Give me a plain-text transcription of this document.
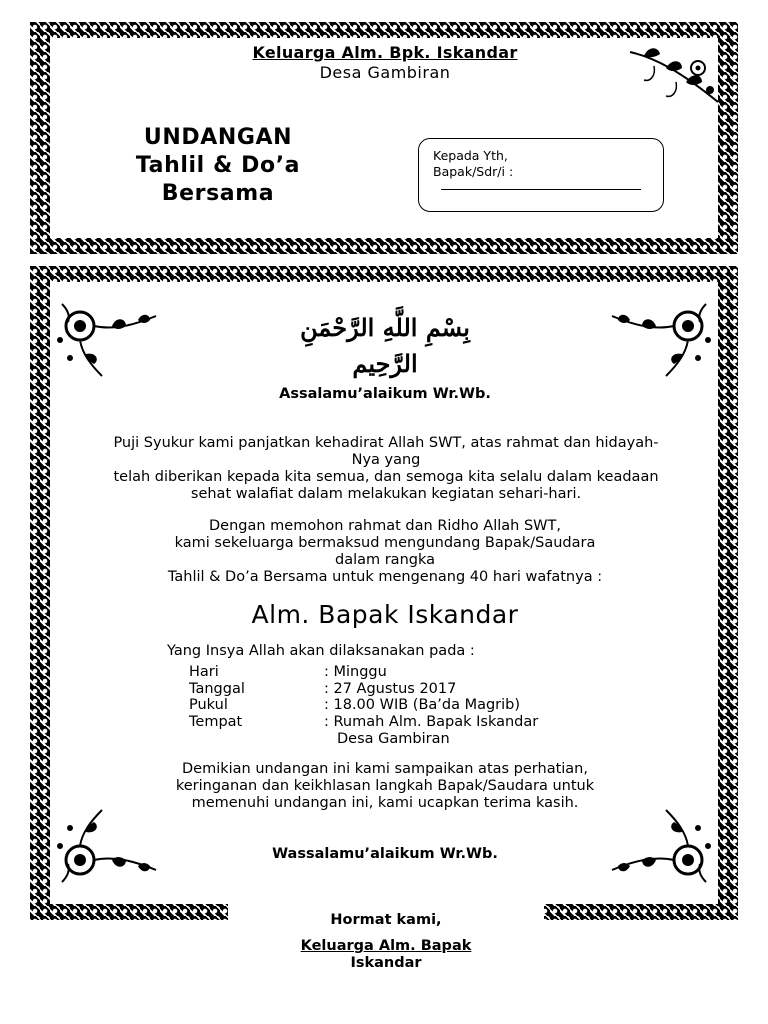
Keluarga Alm. Bpk. Iskandar
Desa Gambiran
UNDANGAN
Tahlil & Do’a
Bersama
Kepada Yth,
Bapak/Sdr/i :
بِسْمِ اللَّهِ الرَّحْمَنِ الرَّحِيم
Assalamu’alaikum Wr.Wb.
Puji Syukur kami panjatkan kehadirat Allah SWT, atas rahmat dan hidayah-
Nya yang
telah diberikan kepada kita semua, dan semoga kita selalu dalam keadaan
sehat walafiat dalam melakukan kegiatan sehari-hari.
Dengan memohon rahmat dan Ridho Allah SWT,
kami sekeluarga bermaksud mengundang Bapak/Saudara
dalam rangka
Tahlil & Do’a Bersama untuk mengenang 40 hari wafatnya :
Alm. Bapak Iskandar
Yang Insya Allah akan dilaksanakan pada :
Hari	: Minggu
Tanggal	: 27 Agustus 2017
Pukul	: 18.00 WIB (Ba’da Magrib)
Tempat	: Rumah Alm. Bapak Iskandar
Desa Gambiran
Demikian undangan ini kami sampaikan atas perhatian,
keringanan dan keikhlasan langkah Bapak/Saudara untuk
memenuhi undangan ini, kami ucapkan terima kasih.
Wassalamu’alaikum Wr.Wb.
Hormat kami,
Keluarga Alm. Bapak
Iskandar
